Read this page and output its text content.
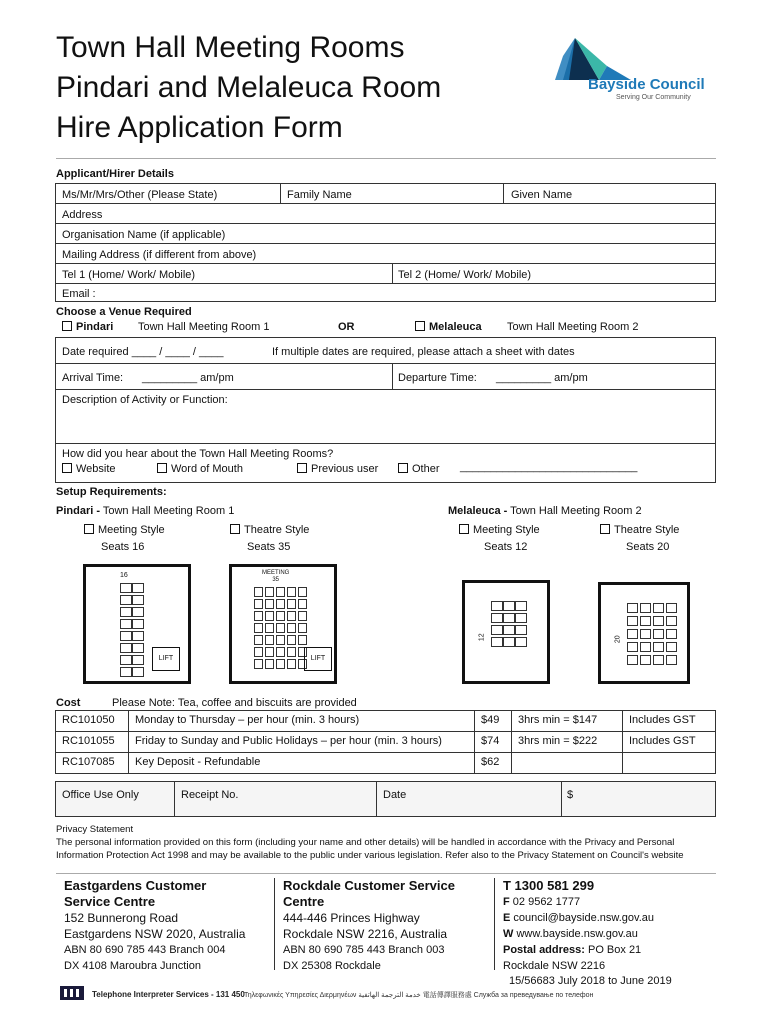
Town Hall Meeting Rooms
Pindari and Melaleuca Room
Hire Application Form
Bayside Council
Serving Our Community
Applicant/Hirer Details
Ms/Mr/Mrs/Other (Please State)	Family Name	Given Name
Address
Organisation Name (if applicable)
Mailing Address (if different from above)
Tel 1 (Home/ Work/ Mobile)	Tel 2 (Home/ Work/ Mobile)
Email :
Choose a Venue Required
Pindari Town Hall Meeting Room 1	OR	Melaleuca Town Hall Meeting Room 2
Date required ____ / ____ / ____	If multiple dates are required, please attach a sheet with dates
Arrival Time: _________ am/pm	Departure Time: _________ am/pm
Description of Activity or Function:
How did you hear about the Town Hall Meeting Rooms?
Website	Word of Mouth	Previous user	Other _____________________________
Setup Requirements:
Pindari - Town Hall Meeting Room 1	Melaleuca - Town Hall Meeting Room 2
Meeting Style
Seats 16
Theatre Style
Seats 35
Meeting Style
Seats 12
Theatre Style
Seats 20
16
LIFT
MEETING
35
LIFT
12	20
Cost	Please Note: Tea, coffee and biscuits are provided
RC101050	Monday to Thursday – per hour (min. 3 hours)	$49	3hrs min = $147	Includes GST
RC101055	Friday to Sunday and Public Holidays – per hour (min. 3 hours)	$74	3hrs min = $222	Includes GST
RC107085	Key Deposit - Refundable	$62
Office Use Only	Receipt No.	Date	$
Privacy Statement
The personal information provided on this form (including your name and other details) will be handled in accordance with the Privacy and Personal Information Protection Act 1998 and may be available to the public under various legislation. Refer also to the Privacy Statement on Council's website
Eastgardens Customer
Service Centre
152 Bunnerong Road
Eastgardens NSW 2020, Australia
ABN 80 690 785 443 Branch 004
DX 4108 Maroubra Junction
Rockdale Customer Service
Centre
444-446 Princes Highway
Rockdale NSW 2216, Australia
ABN 80 690 785 443 Branch 003
DX 25308 Rockdale
T 1300 581 299
F 02 9562 1777
E council@bayside.nsw.gov.au
W www.bayside.nsw.gov.au
Postal address: PO Box 21
Rockdale NSW 2216
15/56683 July 2018 to June 2019
Telephone Interpreter Services - 131 450 Τηλεφωνικές Υπηρεσίες Διερμηνέων خدمة الترجمة الهاتفية 電話傳譯服務處 Служба за преведување по телефон
